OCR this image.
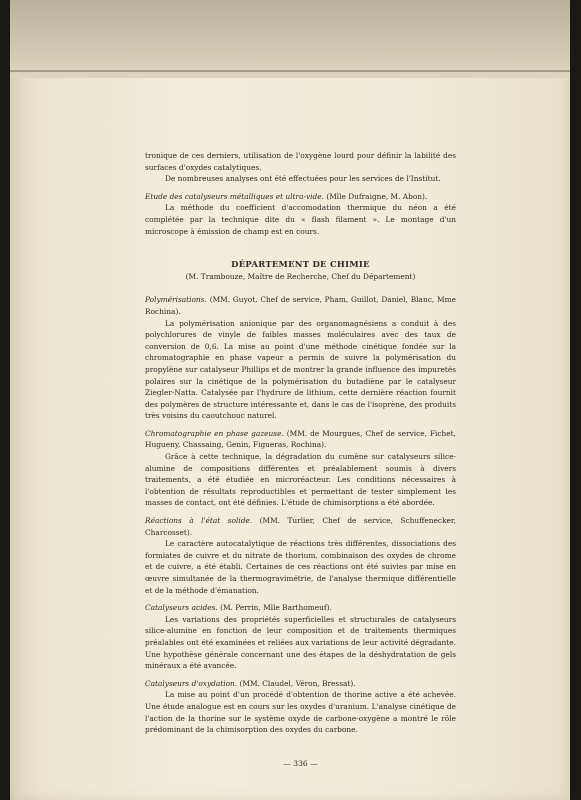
tronique de ces derniers, utilisation de l'oxygène lourd pour définir la labilité des surfaces d'oxydes catalytiques.

De nombreuses analyses ont été effectuées pour les services de l'Institut.

Etude des catalyseurs métalliques et ultra-vide. (Mlle Dufraigne, M. Abon).

La méthode du coefficient d'accomodation thermique du néon a été complétée par la technique dite du « flash filament ». Le montage d'un microscope à émission de champ est en cours.

DÉPARTEMENT DE CHIMIE

(M. Trambouze, Maître de Recherche, Chef du Département)

Polymérisations. (MM. Guyot, Chef de service, Pham, Guillot, Daniel, Blanc, Mme Rochina).

La polymérisation anionique par des organomagnésiens a conduit à des polychlorures de vinyle de faibles masses moléculaires avec des taux de conversion de 0,6. La mise au point d'une méthode cinétique fondée sur la chromatographie en phase vapeur a permis de suivre la polymérisation du propylène sur catalyseur Phillips et de montrer la grande influence des impuretés polaires sur la cinétique de la polymérisation du butadiène par le catalyseur Ziegler-Natta. Catalysée par l'hydrure de lithium, cette dernière réaction fournit des polymères de structure intéressante et, dans le cas de l'isoprène, des produits très voisins du caoutchouc naturel.

Chromatographie en phase gazeuse. (MM. de Mourgues, Chef de service, Fichet, Hugueny, Chassaing, Genin, Figueras, Rochina).

Grâce à cette technique, la dégradation du cumène sur catalyseurs silice-alumine de compositions différentes et préalablement soumis à divers traitements, a été étudiée en microréacteur. Les conditions nécessaires à l'obtention de résultats reproductibles et permettant de tester simplement les masses de contact, ont été définies. L'étude de chimisorptions a été abordée.

Réactions à l'état solide. (MM. Turlier, Chef de service, Schuffenecker, Charcosset).

Le caractère autocatalytique de réactions très différentes, dissociations des formiates de cuivre et du nitrate de thorium, combinaison des oxydes de chrome et de cuivre, a été établi. Certaines de ces réactions ont été suivies par mise en œuvre simultanée de la thermogravimétrie, de l'analyse thermique différentielle et de la méthode d'émanation.

Catalyseurs acides. (M. Perrin, Mlle Barthomeuf).

Les variations des propriétés superficielles et structurales de catalyseurs silice-alumine en fonction de leur composition et de traitements thermiques préalables ont été examinées et reliées aux variations de leur activité dégradante. Une hypothèse générale concernant une des étapes de la déshydratation de gels minéraux a été avancée.

Catalyseurs d'oxydation. (MM. Claudel, Véron, Bressat).

La mise au point d'un procédé d'obtention de thorine active a été achevée. Une étude analogue est en cours sur les oxydes d'uranium. L'analyse cinétique de l'action de la thorine sur le système oxyde de carbone-oxygène a montré le rôle prédominant de la chimisorption des oxydes du carbone.

— 336 —
